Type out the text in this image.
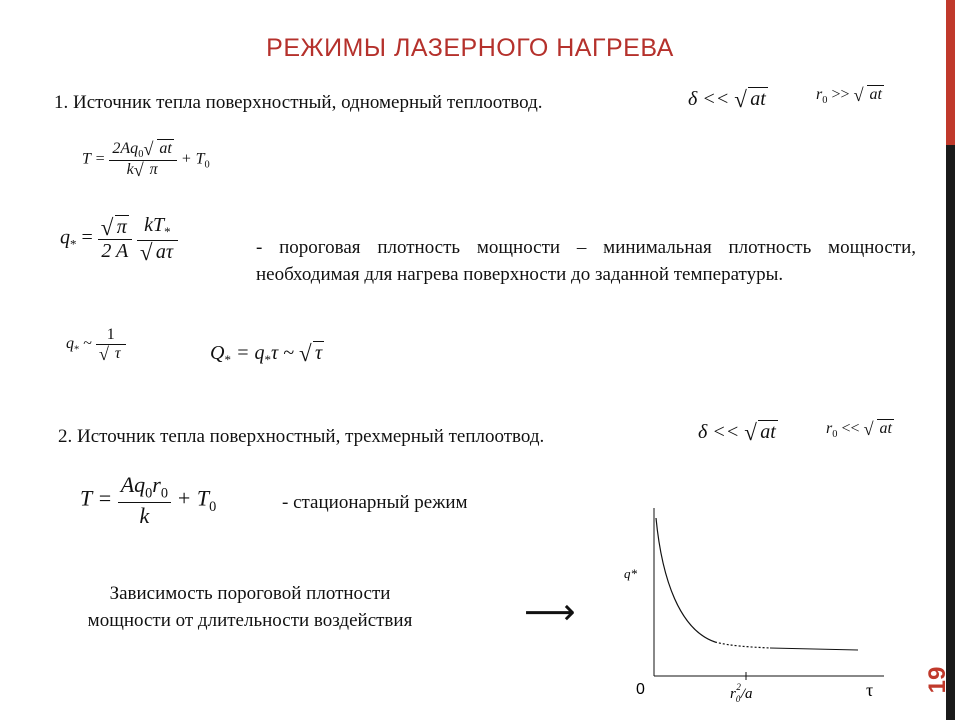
РЕЖИМЫ ЛАЗЕРНОГО НАГРЕВА
1. Источник тепла поверхностный, одномерный теплоотвод.	δ << √ at	$r_0$ >> √ at
$T = \frac{2Aq_0 √ at}{k √ \pi} + T_0$
$q_* = \frac{√ \pi}{2 A}$
$\frac{kT_*}{√ a\tau}$	- пороговая плотность мощности – минимальная плотность мощности, необходимая для нагрева поверхности до заданной температуры.
$q_*$ ~ $\frac{1}{√ \tau}$	$Q_* = q_*\tau$ ~ √ τ
2. Источник тепла поверхностный, трехмерный теплоотвод.	δ << √ at	$r_0$ << √ at
$T = \frac{Aq_0r_0}{k} + T_0$	- стационарный режим
Зависимость пороговой плотности
мощности от длительности воздействия	⟶
q*
0	τ
$r_02/a$
19
